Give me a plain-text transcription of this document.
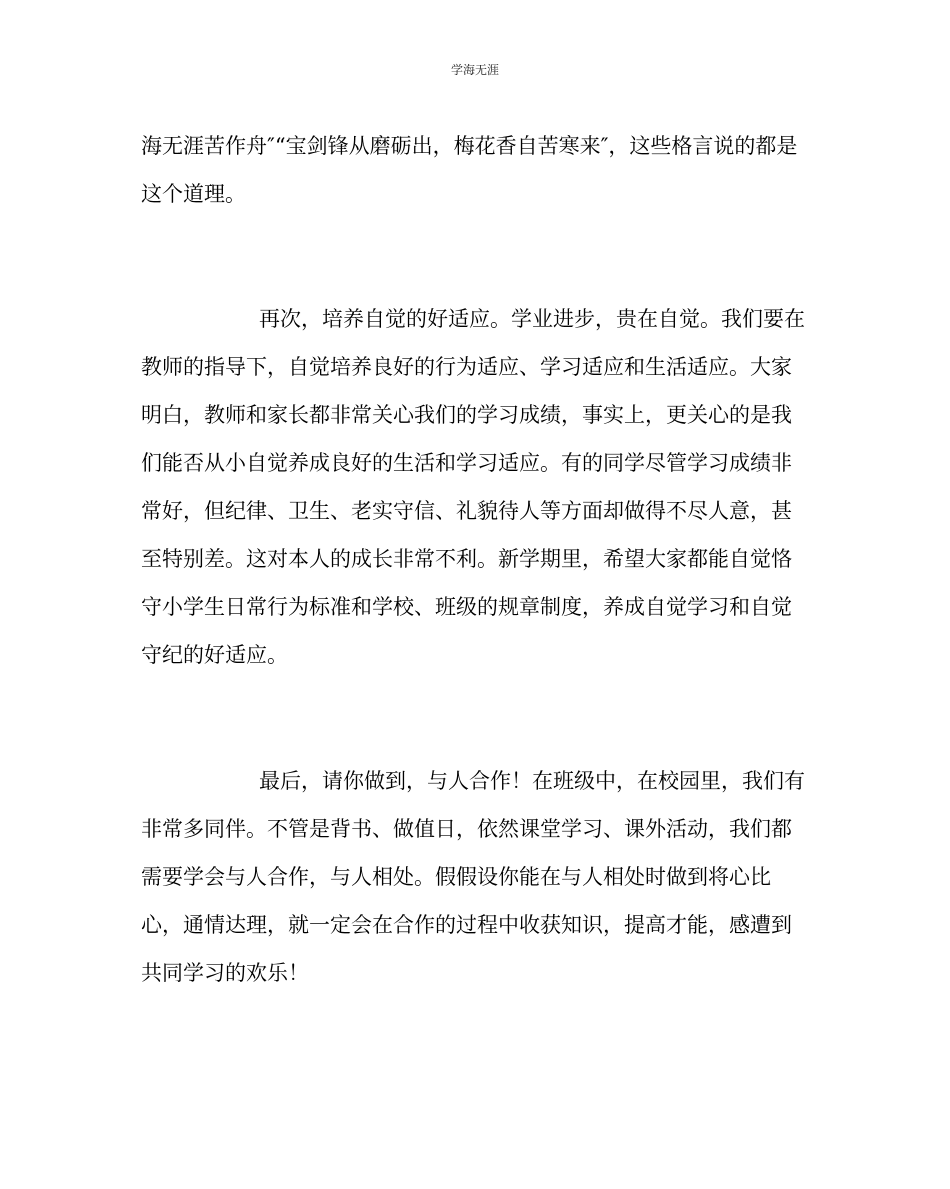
学海无涯

海无涯苦作舟″“宝剑锋从磨砺出，梅花香自苦寒来″，这些格言说的都是这个道理。

再次，培养自觉的好适应。学业进步，贵在自觉。我们要在教师的指导下，自觉培养良好的行为适应、学习适应和生活适应。大家明白，教师和家长都非常关心我们的学习成绩，事实上，更关心的是我们能否从小自觉养成良好的生活和学习适应。有的同学尽管学习成绩非常好，但纪律、卫生、老实守信、礼貌待人等方面却做得不尽人意，甚至特别差。这对本人的成长非常不利。新学期里，希望大家都能自觉恪守小学生日常行为标准和学校、班级的规章制度，养成自觉学习和自觉守纪的好适应。

最后，请你做到，与人合作！在班级中，在校园里，我们有非常多同伴。不管是背书、做值日，依然课堂学习、课外活动，我们都需要学会与人合作，与人相处。假假设你能在与人相处时做到将心比心，通情达理，就一定会在合作的过程中收获知识，提高才能，感遭到共同学习的欢乐！
